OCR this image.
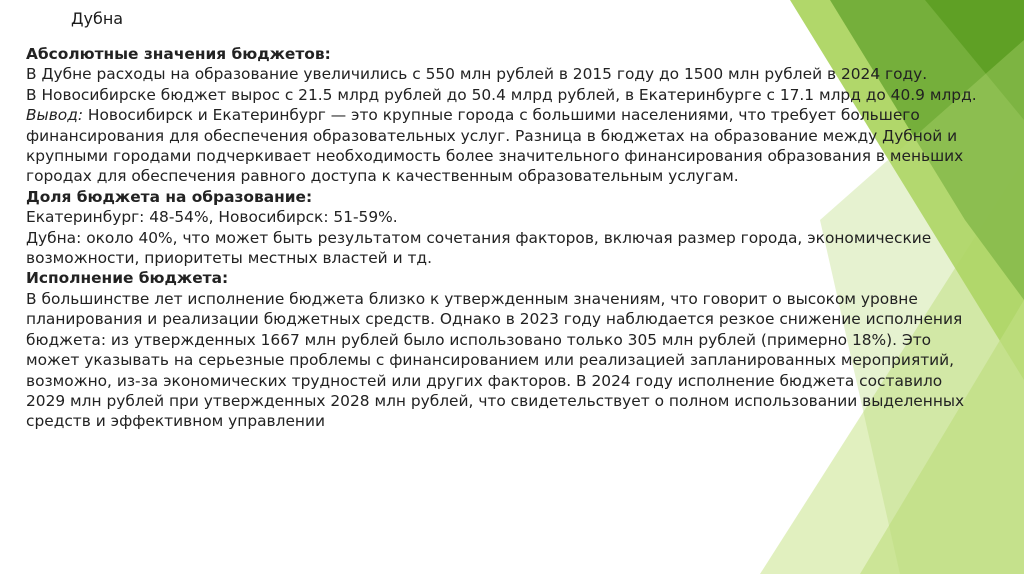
Дубна

Абсолютные значения бюджетов:

В Дубне расходы на образование увеличились с 550 млн рублей в 2015 году до 1500 млн рублей в 2024 году.

В Новосибирске бюджет вырос с 21.5 млрд рублей до 50.4 млрд рублей, в Екатеринбурге с 17.1 млрд до 40.9 млрд.

Вывод: Новосибирск и Екатеринбург — это крупные города с большими населениями, что требует большего финансирования для обеспечения образовательных услуг. Разница в бюджетах на образование между Дубной и крупными городами подчеркивает необходимость более значительного финансирования образования в меньших городах для обеспечения равного доступа к качественным образовательным услугам.

Доля бюджета на образование:

Екатеринбург: 48-54%, Новосибирск: 51-59%.

Дубна: около 40%, что может быть результатом сочетания факторов, включая размер города, экономические возможности, приоритеты местных властей и тд.

Исполнение бюджета:

В большинстве лет исполнение бюджета близко к утвержденным значениям, что говорит о высоком уровне планирования и реализации бюджетных средств. Однако в 2023 году наблюдается резкое снижение исполнения бюджета: из утвержденных 1667 млн рублей было использовано только 305 млн рублей (примерно 18%). Это может указывать на серьезные проблемы с финансированием или реализацией запланированных мероприятий, возможно, из-за экономических трудностей или других факторов. В 2024 году исполнение бюджета составило 2029 млн рублей при утвержденных 2028 млн рублей, что свидетельствует о полном использовании выделенных средств и эффективном управлении
